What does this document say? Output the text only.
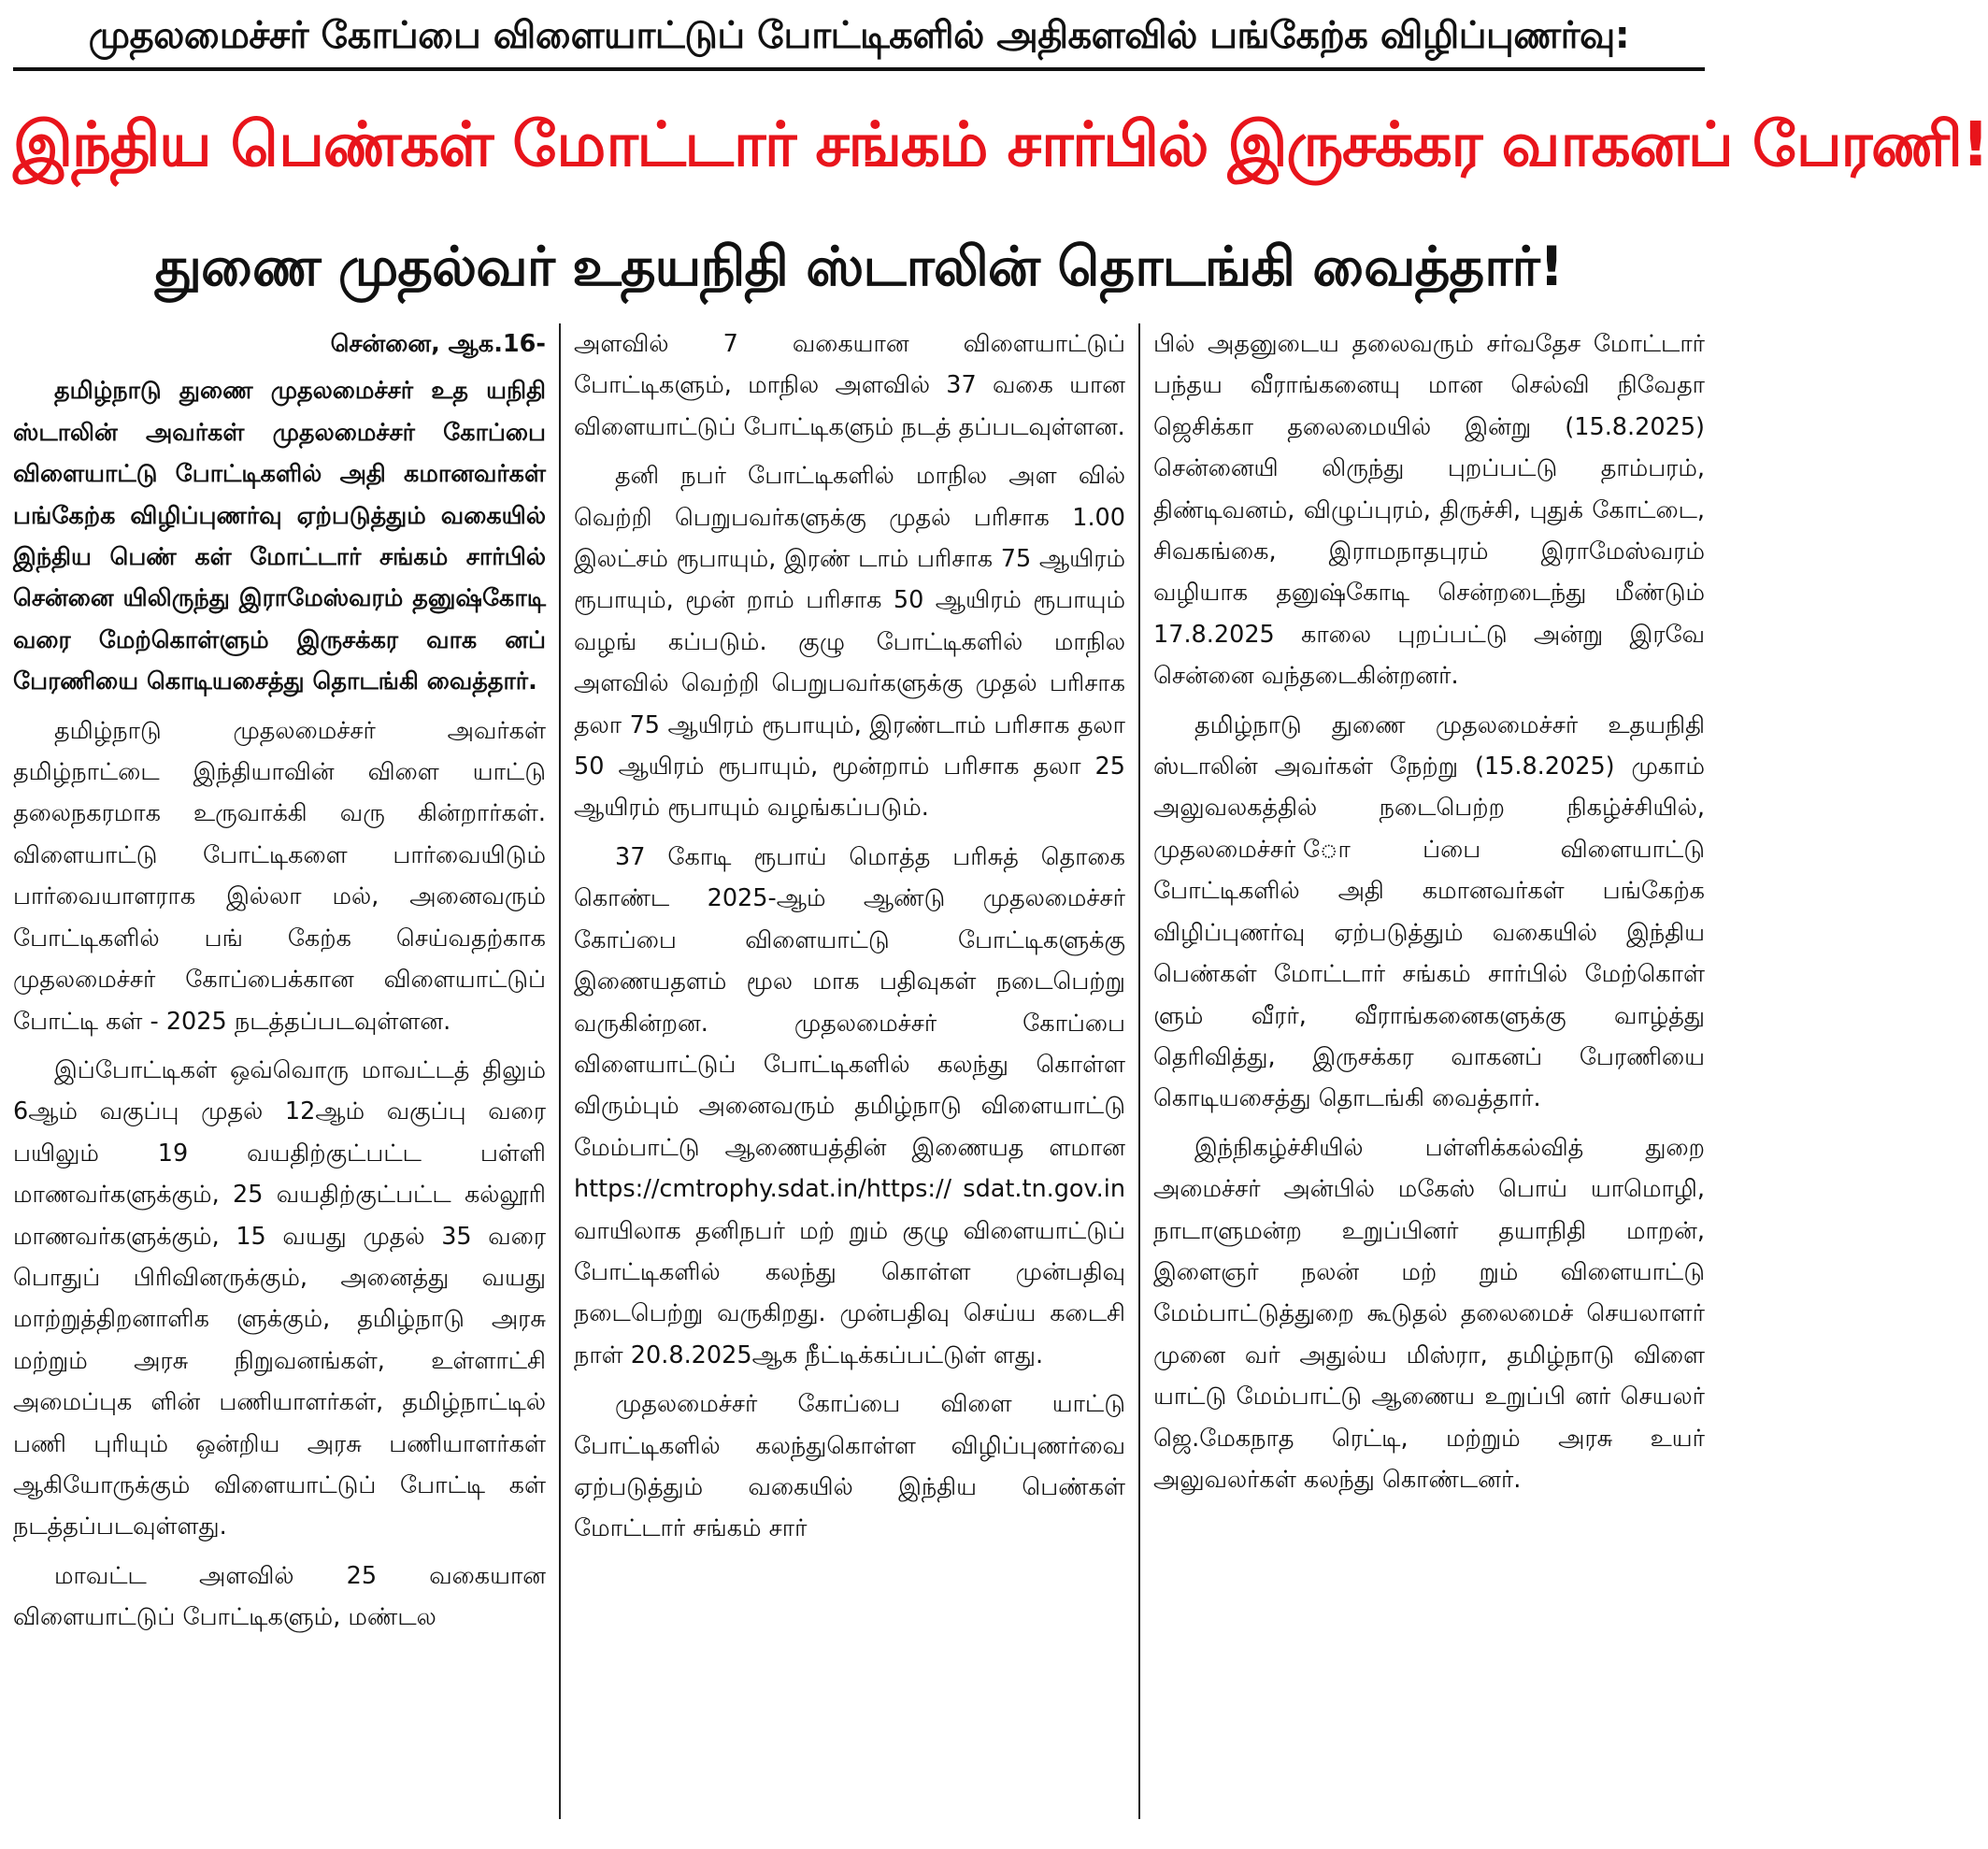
முதலமைச்சர் கோப்பை விளையாட்டுப் போட்டிகளில் அதிகளவில் பங்கேற்க விழிப்புணர்வு:
இந்திய பெண்கள் மோட்டார் சங்கம் சார்பில் இருசக்கர வாகனப் பேரணி!
துணை முதல்வர் உதயநிதி ஸ்டாலின் தொடங்கி வைத்தார்!
சென்னை, ஆக.16-

தமிழ்நாடு துணை முதலமைச்சர் உத யநிதி ஸ்டாலின் அவர்கள் முதலமைச்சர் கோப்பை விளையாட்டு போட்டிகளில் அதி கமானவர்கள் பங்கேற்க விழிப்புணர்வு ஏற்படுத்தும் வகையில் இந்திய பெண் கள் மோட்டார் சங்கம் சார்பில் சென்னை யிலிருந்து இராமேஸ்வரம் தனுஷ்கோடி வரை மேற்கொள்ளும் இருசக்கர வாக னப் பேரணியை கொடியசைத்து தொடங்கி வைத்தார்.

தமிழ்நாடு முதலமைச்சர் அவர்கள் தமிழ்நாட்டை இந்தியாவின் விளை யாட்டு தலைநகரமாக உருவாக்கி வரு கின்றார்கள். விளையாட்டு போட்டிகளை பார்வையிடும் பார்வையாளராக இல்லா மல், அனைவரும் போட்டிகளில் பங் கேற்க செய்வதற்காக முதலமைச்சர் கோப்பைக்கான விளையாட்டுப் போட்டி கள் - 2025 நடத்தப்படவுள்ளன.

இப்போட்டிகள் ஒவ்வொரு மாவட்டத் திலும் 6ஆம் வகுப்பு முதல் 12ஆம் வகுப்பு வரை பயிலும் 19 வயதிற்குட்பட்ட பள்ளி மாணவர்களுக்கும், 25 வயதிற்குட்பட்ட கல்லூரி மாணவர்களுக்கும், 15 வயது முதல் 35 வரை பொதுப் பிரிவினருக்கும், அனைத்து வயது மாற்றுத்திறனாளிக ளுக்கும், தமிழ்நாடு அரசு மற்றும் அரசு நிறுவனங்கள், உள்ளாட்சி அமைப்புக ளின் பணியாளர்கள், தமிழ்நாட்டில் பணி புரியும் ஒன்றிய அரசு பணியாளர்கள் ஆகியோருக்கும் விளையாட்டுப் போட்டி கள் நடத்தப்படவுள்ளது.

மாவட்ட அளவில் 25 வகையான விளையாட்டுப் போட்டிகளும், மண்டல

அளவில் 7 வகையான விளையாட்டுப் போட்டிகளும், மாநில அளவில் 37 வகை யான விளையாட்டுப் போட்டிகளும் நடத் தப்படவுள்ளன.

தனி நபர் போட்டிகளில் மாநில அள வில் வெற்றி பெறுபவர்களுக்கு முதல் பரிசாக 1.00 இலட்சம் ரூபாயும், இரண் டாம் பரிசாக 75 ஆயிரம் ரூபாயும், மூன் றாம் பரிசாக 50 ஆயிரம் ரூபாயும் வழங் கப்படும். குழு போட்டிகளில் மாநில அளவில் வெற்றி பெறுபவர்களுக்கு முதல் பரிசாக தலா 75 ஆயிரம் ரூபாயும், இரண்டாம் பரிசாக தலா 50 ஆயிரம் ரூபாயும், மூன்றாம் பரிசாக தலா 25 ஆயிரம் ரூபாயும் வழங்கப்படும்.

37 கோடி ரூபாய் மொத்த பரிசுத் தொகை கொண்ட 2025-ஆம் ஆண்டு முதலமைச்சர் கோப்பை விளையாட்டு போட்டிகளுக்கு இணையதளம் மூல மாக பதிவுகள் நடைபெற்று வருகின்றன. முதலமைச்சர் கோப்பை விளையாட்டுப் போட்டிகளில் கலந்து கொள்ள விரும்பும் அனைவரும் தமிழ்நாடு விளையாட்டு மேம்பாட்டு ஆணையத்தின் இணையத ளமான https://cmtrophy.sdat.in/https:// sdat.tn.gov.in வாயிலாக தனிநபர் மற் றும் குழு விளையாட்டுப் போட்டிகளில் கலந்து கொள்ள முன்பதிவு நடைபெற்று வருகிறது. முன்பதிவு செய்ய கடைசி நாள் 20.8.2025ஆக நீட்டிக்கப்பட்டுள் ளது.

முதலமைச்சர் கோப்பை விளை யாட்டு போட்டிகளில் கலந்துகொள்ள விழிப்புணர்வை ஏற்படுத்தும் வகையில் இந்திய பெண்கள் மோட்டார் சங்கம் சார்

பில் அதனுடைய தலைவரும் சர்வதேச மோட்டார் பந்தய வீராங்கனையு மான செல்வி நிவேதா ஜெசிக்கா தலைமையில் இன்று (15.8.2025) சென்னையி லிருந்து புறப்பட்டு தாம்பரம், திண்டிவனம், விழுப்புரம், திருச்சி, புதுக் கோட்டை, சிவகங்கை, இராமநாதபுரம் இராமேஸ்வரம் வழியாக தனுஷ்கோடி சென்றடைந்து மீண்டும் 17.8.2025 காலை புறப்பட்டு அன்று இரவே சென்னை வந்தடைகின்றனர்.

தமிழ்நாடு துணை முதலமைச்சர் உதயநிதி ஸ்டாலின் அவர்கள் நேற்று (15.8.2025) முகாம் அலுவலகத்தில் நடைபெற்ற நிகழ்ச்சியில், முதலமைச்சர் ோப்பை விளையாட்டு போட்டிகளில் அதி கமானவர்கள் பங்கேற்க விழிப்புணர்வு ஏற்படுத்தும் வகையில் இந்திய பெண்கள் மோட்டார் சங்கம் சார்பில் மேற்கொள் ளும் வீரர், வீராங்கனைகளுக்கு வாழ்த்து தெரிவித்து, இருசக்கர வாகனப் பேரணியை கொடியசைத்து தொடங்கி வைத்தார்.

இந்நிகழ்ச்சியில் பள்ளிக்கல்வித் துறை அமைச்சர் அன்பில் மகேஸ் பொய் யாமொழி, நாடாளுமன்ற உறுப்பினர் தயாநிதி மாறன், இளைஞர் நலன் மற் றும் விளையாட்டு மேம்பாட்டுத்துறை கூடுதல் தலைமைச் செயலாளர் முனை வர் அதுல்ய மிஸ்ரா, தமிழ்நாடு விளை யாட்டு மேம்பாட்டு ஆணைய உறுப்பி னர் செயலர் ஜெ.மேகநாத ரெட்டி, மற்றும் அரசு உயர் அலுவலர்கள் கலந்து கொண்டனர்.
